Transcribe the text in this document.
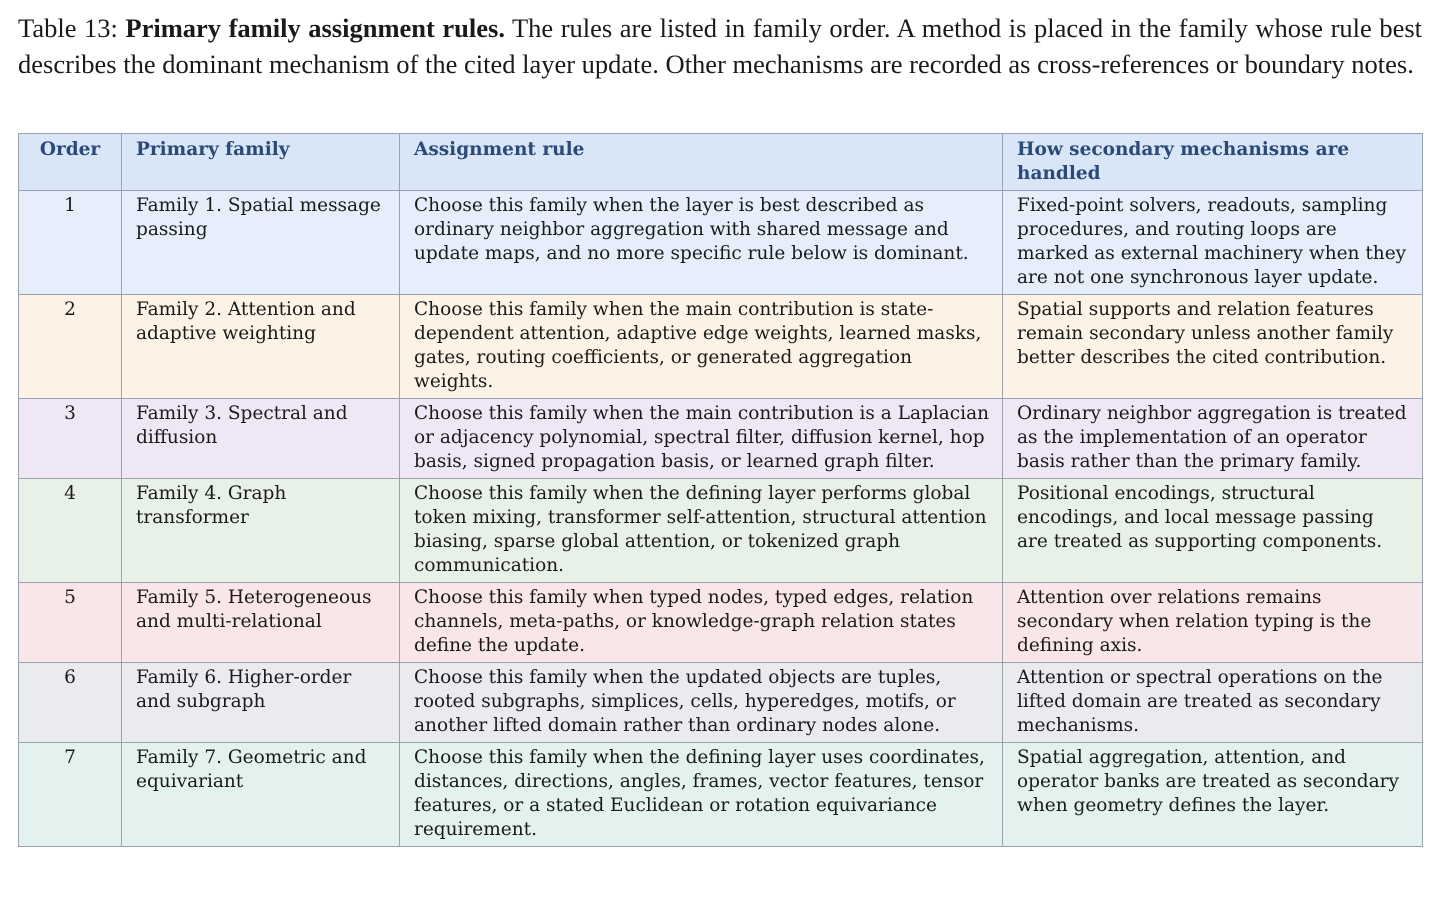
Table 13: Primary family assignment rules. The rules are listed in family order. A method is placed in the family whose rule best describes the dominant mechanism of the cited layer update. Other mechanisms are recorded as cross-references or boundary notes.
Order	Primary family	Assignment rule	How secondary mechanisms are handled
1	Family 1. Spatial message passing	Choose this family when the layer is best described as ordinary neighbor aggregation with shared message and update maps, and no more specific rule below is dominant.	Fixed-point solvers, readouts, sampling procedures, and routing loops are marked as external machinery when they are not one synchronous layer update.
2	Family 2. Attention and adaptive weighting	Choose this family when the main contribution is state-dependent attention, adaptive edge weights, learned masks, gates, routing coefficients, or generated aggregation weights.	Spatial supports and relation features remain secondary unless another family better describes the cited contribution.
3	Family 3. Spectral and diffusion	Choose this family when the main contribution is a Laplacian or adjacency polynomial, spectral filter, diffusion kernel, hop basis, signed propagation basis, or learned graph filter.	Ordinary neighbor aggregation is treated as the implementation of an operator basis rather than the primary family.
4	Family 4. Graph transformer	Choose this family when the defining layer performs global token mixing, transformer self-attention, structural attention biasing, sparse global attention, or tokenized graph communication.	Positional encodings, structural encodings, and local message passing are treated as supporting components.
5	Family 5. Heterogeneous and multi-relational	Choose this family when typed nodes, typed edges, relation channels, meta-paths, or knowledge-graph relation states define the update.	Attention over relations remains secondary when relation typing is the defining axis.
6	Family 6. Higher-order and subgraph	Choose this family when the updated objects are tuples, rooted subgraphs, simplices, cells, hyperedges, motifs, or another lifted domain rather than ordinary nodes alone.	Attention or spectral operations on the lifted domain are treated as secondary mechanisms.
7	Family 7. Geometric and equivariant	Choose this family when the defining layer uses coordinates, distances, directions, angles, frames, vector features, tensor features, or a stated Euclidean or rotation equivariance requirement.	Spatial aggregation, attention, and operator banks are treated as secondary when geometry defines the layer.
